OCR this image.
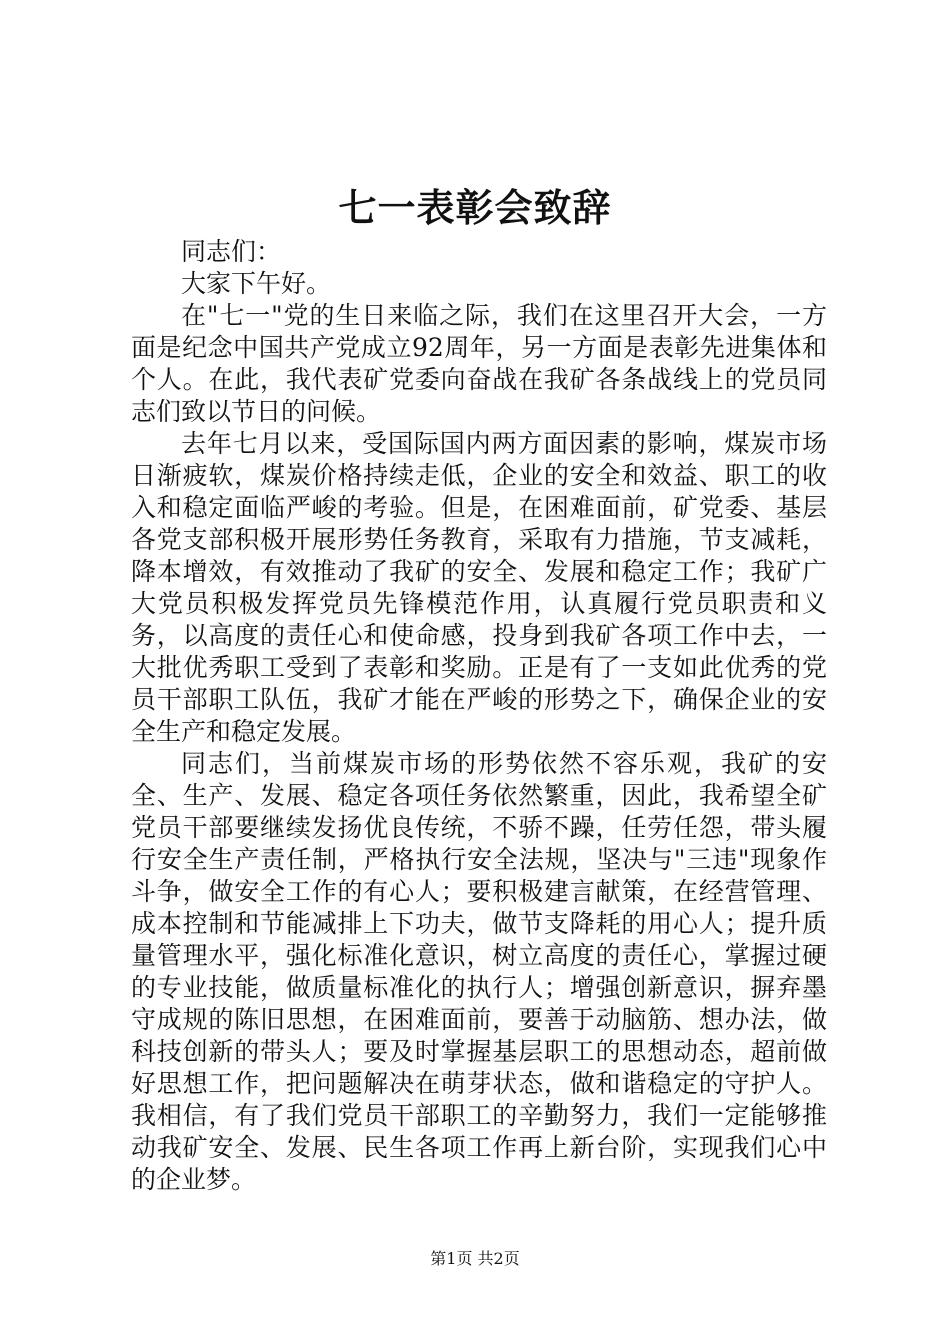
七一表彰会致辞

同志们：

大家下午好。

在"七一"党的生日来临之际，我们在这里召开大会，一方面是纪念中国共产党成立92周年，另一方面是表彰先进集体和个人。在此，我代表矿党委向奋战在我矿各条战线上的党员同志们致以节日的问候。

去年七月以来，受国际国内两方面因素的影响，煤炭市场日渐疲软，煤炭价格持续走低，企业的安全和效益、职工的收入和稳定面临严峻的考验。但是，在困难面前，矿党委、基层各党支部积极开展形势任务教育，采取有力措施，节支减耗，降本增效，有效推动了我矿的安全、发展和稳定工作；我矿广大党员积极发挥党员先锋模范作用，认真履行党员职责和义务，以高度的责任心和使命感，投身到我矿各项工作中去，一大批优秀职工受到了表彰和奖励。正是有了一支如此优秀的党员干部职工队伍，我矿才能在严峻的形势之下，确保企业的安全生产和稳定发展。

同志们，当前煤炭市场的形势依然不容乐观，我矿的安全、生产、发展、稳定各项任务依然繁重，因此，我希望全矿党员干部要继续发扬优良传统，不骄不躁，任劳任怨，带头履行安全生产责任制，严格执行安全法规，坚决与"三违"现象作斗争，做安全工作的有心人；要积极建言献策，在经营管理、成本控制和节能减排上下功夫，做节支降耗的用心人；提升质量管理水平，强化标准化意识，树立高度的责任心，掌握过硬的专业技能，做质量标准化的执行人；增强创新意识，摒弃墨守成规的陈旧思想，在困难面前，要善于动脑筋、想办法，做科技创新的带头人；要及时掌握基层职工的思想动态，超前做好思想工作，把问题解决在萌芽状态，做和谐稳定的守护人。我相信，有了我们党员干部职工的辛勤努力，我们一定能够推动我矿安全、发展、民生各项工作再上新台阶，实现我们心中的企业梦。

第1页 共2页
